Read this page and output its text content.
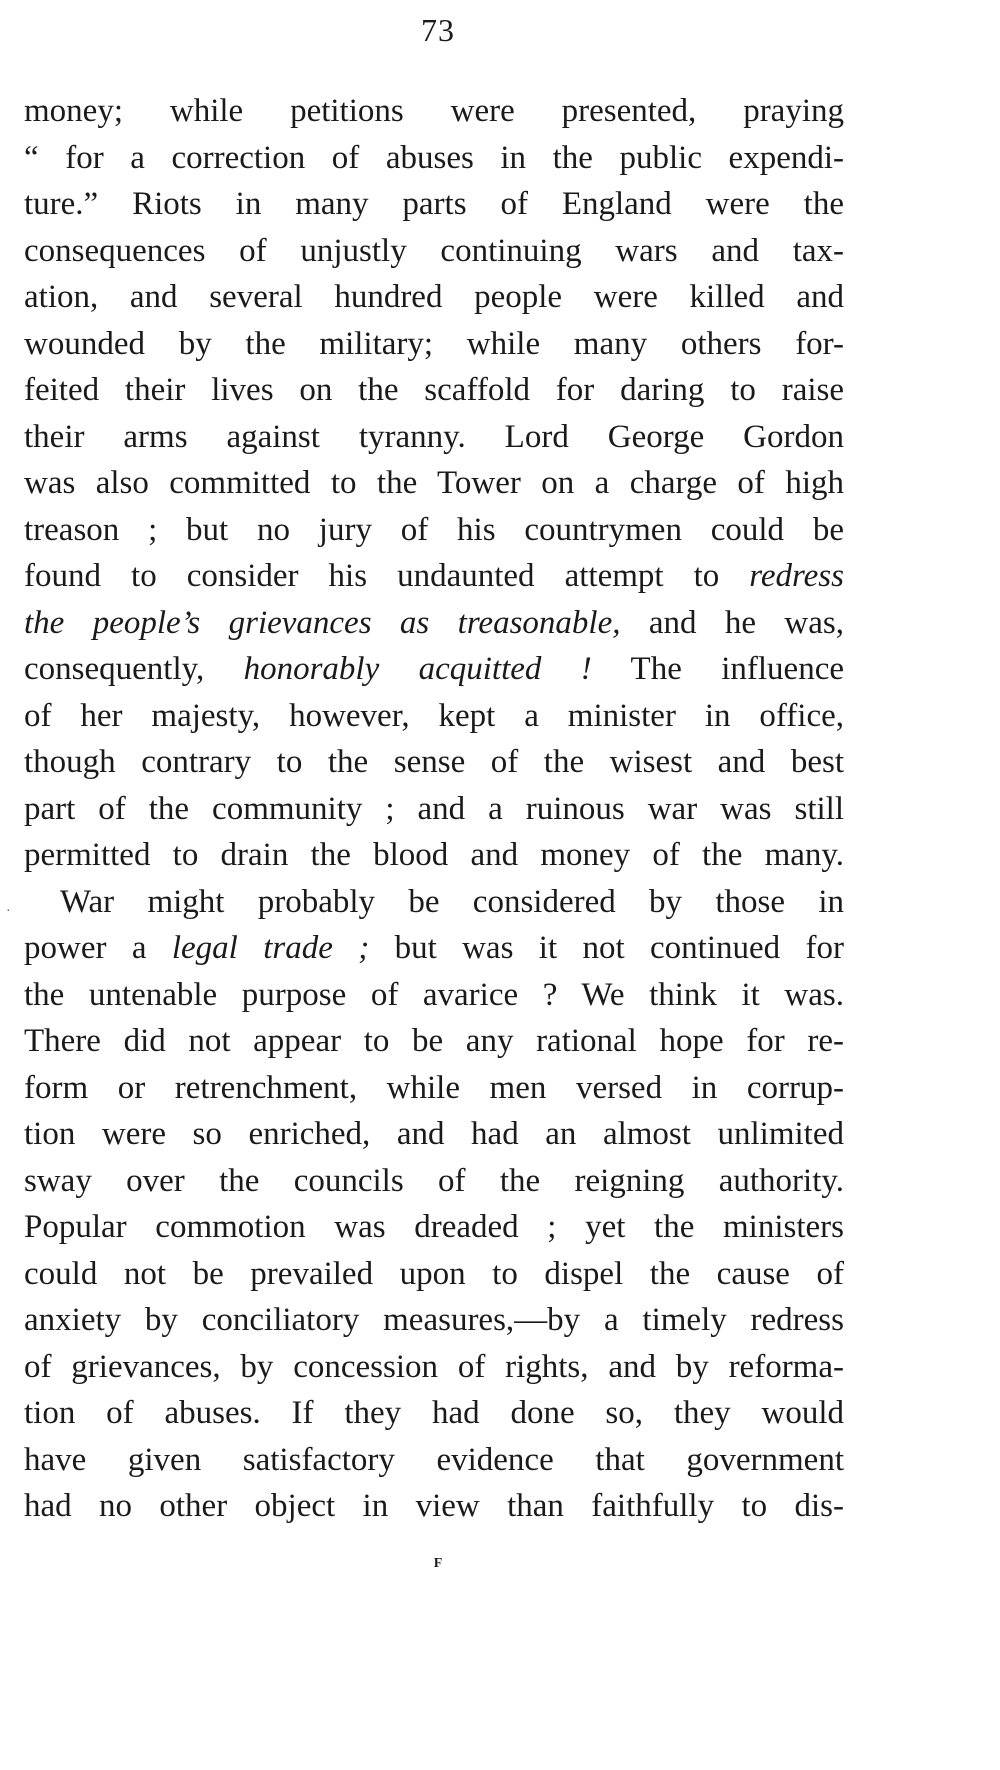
73
·
money; while petitions were presented, praying
“ for a correction of abuses in the public expendi-
ture.” Riots in many parts of England were the
consequences of unjustly continuing wars and tax-
ation, and several hundred people were killed and
wounded by the military; while many others for-
feited their lives on the scaffold for daring to raise
their arms against tyranny. Lord George Gordon
was also committed to the Tower on a charge of high
treason ; but no jury of his countrymen could be
found to consider his undaunted attempt to redress
the people’s grievances as treasonable, and he was,
consequently, honorably acquitted ! The influence
of her majesty, however, kept a minister in office,
though contrary to the sense of the wisest and best
part of the community ; and a ruinous war was still
permitted to drain the blood and money of the many.
War might probably be considered by those in
power a legal trade ; but was it not continued for
the untenable purpose of avarice ? We think it was.
There did not appear to be any rational hope for re-
form or retrenchment, while men versed in corrup-
tion were so enriched, and had an almost unlimited
sway over the councils of the reigning authority.
Popular commotion was dreaded ; yet the ministers
could not be prevailed upon to dispel the cause of
anxiety by conciliatory measures,—by a timely redress
of grievances, by concession of rights, and by reforma-
tion of abuses. If they had done so, they would
have given satisfactory evidence that government
had no other object in view than faithfully to dis-
F
